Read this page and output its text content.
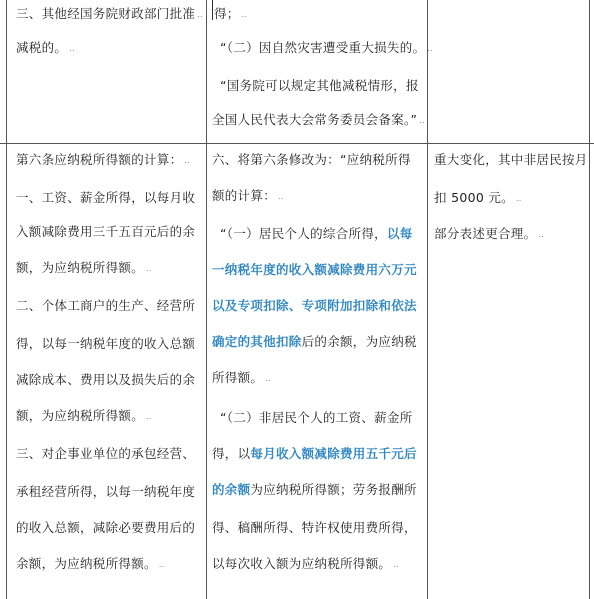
三、其他经国务院财政部门批准 ..
减税的。 ..
得； ..
“（二）因自然灾害遭受重大损失的。 ..
“国务院可以规定其他减税情形，报
全国人民代表大会常务委员会备案。” ..
第六条应纳税所得额的计算： ..
一、工资、薪金所得，以每月收
入额减除费用三千五百元后的余
额，为应纳税所得额。 ..
二、个体工商户的生产、经营所
得，以每一纳税年度的收入总额
减除成本、费用以及损失后的余
额，为应纳税所得额。 ..
三、对企事业单位的承包经营、
承租经营所得，以每一纳税年度
的收入总额，减除必要费用后的
余额，为应纳税所得额。 ..
六、将第六条修改为：“应纳税所得
额的计算： ..
“（一）居民个人的综合所得，以每
一纳税年度的收入额减除费用六万元
以及专项扣除、专项附加扣除和依法
确定的其他扣除后的余额，为应纳税
所得额。 ..
“（二）非居民个人的工资、薪金所
得，以每月收入额减除费用五千元后
的余额为应纳税所得额；劳务报酬所
得、稿酬所得、特许权使用费所得，
以每次收入额为应纳税所得额。 ..
重大变化，其中非居民按月
扣 5000 元。 ..
部分表述更合理。 ..
